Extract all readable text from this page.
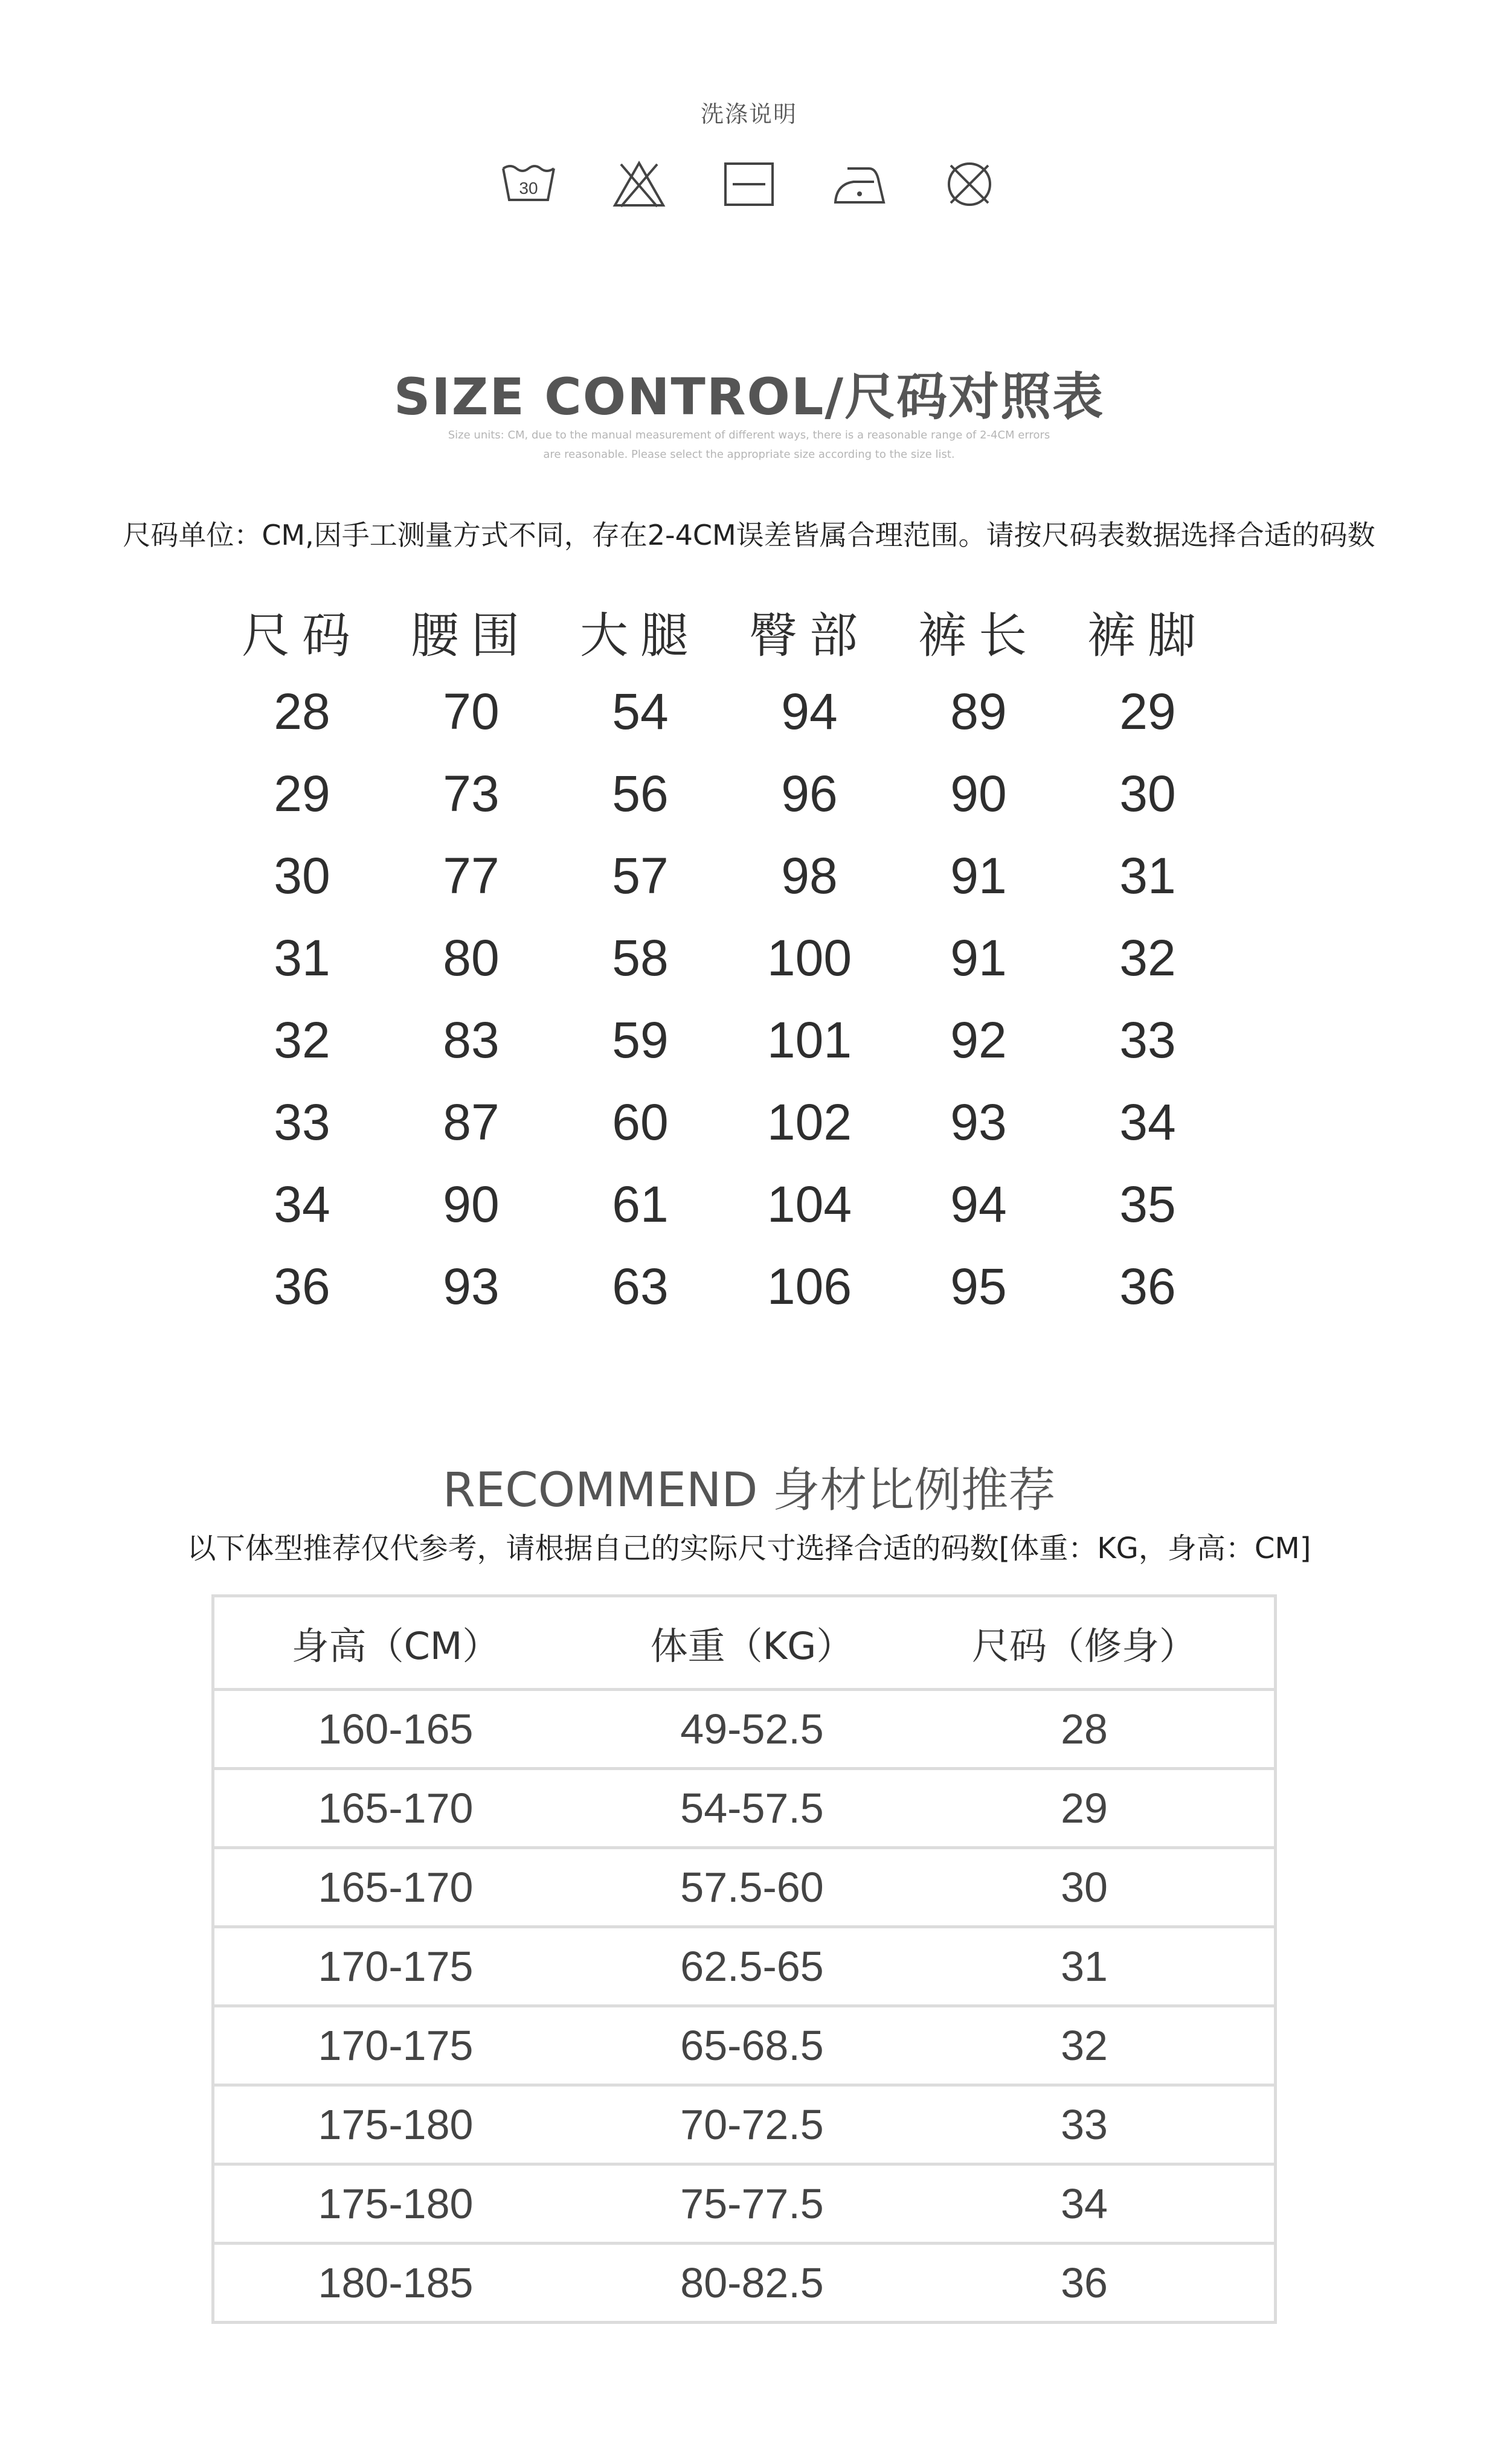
洗涤说明
30
SIZE CONTROL/尺码对照表
Size units: CM, due to the manual measurement of different ways, there is a reasonable range of 2-4CM errors
are reasonable. Please select the appropriate size according to the size list.
尺码单位：CM,因手工测量方式不同，存在2-4CM误差皆属合理范围。请按尺码表数据选择合适的码数
尺码	腰围	大腿	臀部	裤长	裤脚
28	70	54	94	89	29
29	73	56	96	90	30
30	77	57	98	91	31
31	80	58	100	91	32
32	83	59	101	92	33
33	87	60	102	93	34
34	90	61	104	94	35
36	93	63	106	95	36
RECOMMEND 身材比例推荐
以下体型推荐仅代参考，请根据自己的实际尺寸选择合适的码数[体重：KG，身高：CM]
身高（CM）	体重（KG）	尺码（修身）
160-165	49-52.5	28
165-170	54-57.5	29
165-170	57.5-60	30
170-175	62.5-65	31
170-175	65-68.5	32
175-180	70-72.5	33
175-180	75-77.5	34
180-185	80-82.5	36
